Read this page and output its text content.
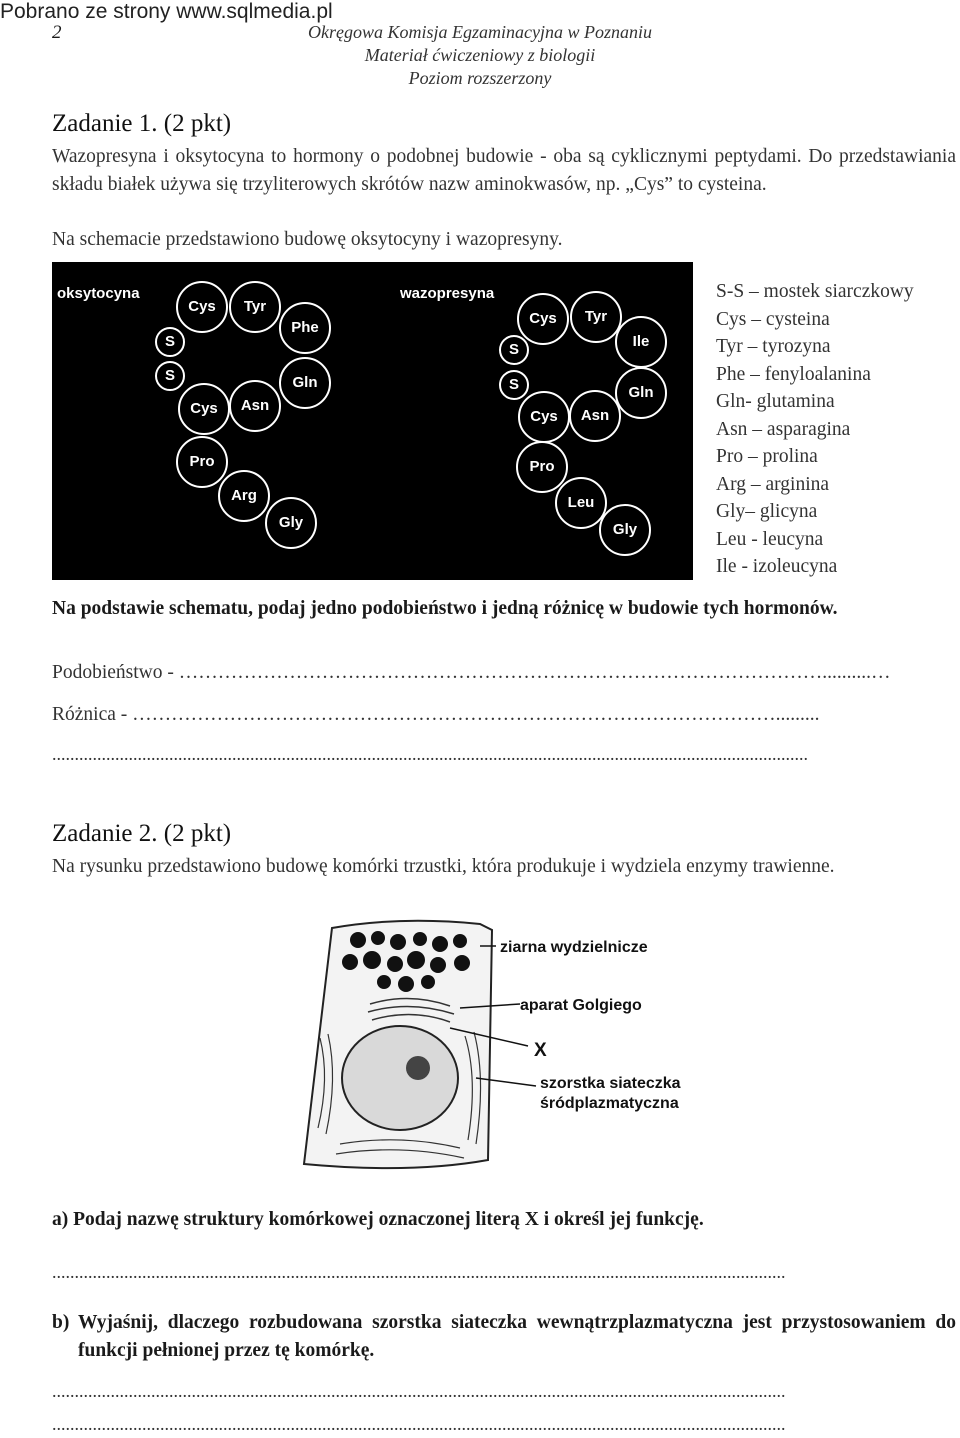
Pobrano ze strony www.sqlmedia.pl
2	Okręgowa Komisja Egzaminacyjna w Poznaniu
Materiał ćwiczeniowy z biologii
Poziom rozszerzony
Zadanie 1. (2 pkt)
Wazopresyna i oksytocyna to hormony o podobnej budowie - oba są cyklicznymi peptydami. Do przedstawiania składu białek używa się trzyliterowych skrótów nazw aminokwasów, np. „Cys” to cysteina.
Na schemacie przedstawiono budowę oksytocyny i wazopresyny.
oksytocyna	wazopresyna
Cys Tyr
Phe
Gln
Asn
Cys
Pro
Arg
Gly
S
S
Cys Tyr
Ile
Gln
Asn
Cys
Pro
Leu
Gly
S
S
S-S – mostek siarczkowy
Cys – cysteina
Tyr – tyrozyna
Phe – fenyloalanina
Gln- glutamina
Asn – asparagina
Pro – prolina
Arg – arginina
Gly– glicyna
Leu - leucyna
Ile - izoleucyna
Na podstawie schematu, podaj jedno podobieństwo i jedną różnicę w budowie tych hormonów.
Podobieństwo - ………………………………………………………………………………………..........…
Różnica - ……………………………………………………………………………………….........
........................................................................................................................................................................
Zadanie 2. (2 pkt)
Na rysunku przedstawiono budowę komórki trzustki, która produkuje i wydziela enzymy trawienne.
ziarna wydzielnicze
aparat Golgiego
X
szorstka siateczka
śródplazmatyczna
a) Podaj nazwę struktury komórkowej oznaczonej literą X i określ jej funkcję.
...................................................................................................................................................................
b) Wyjaśnij, dlaczego rozbudowana szorstka siateczka wewnątrzplazmatyczna jest przystosowaniem do funkcji pełnionej przez tę komórkę.
...................................................................................................................................................................
...................................................................................................................................................................
